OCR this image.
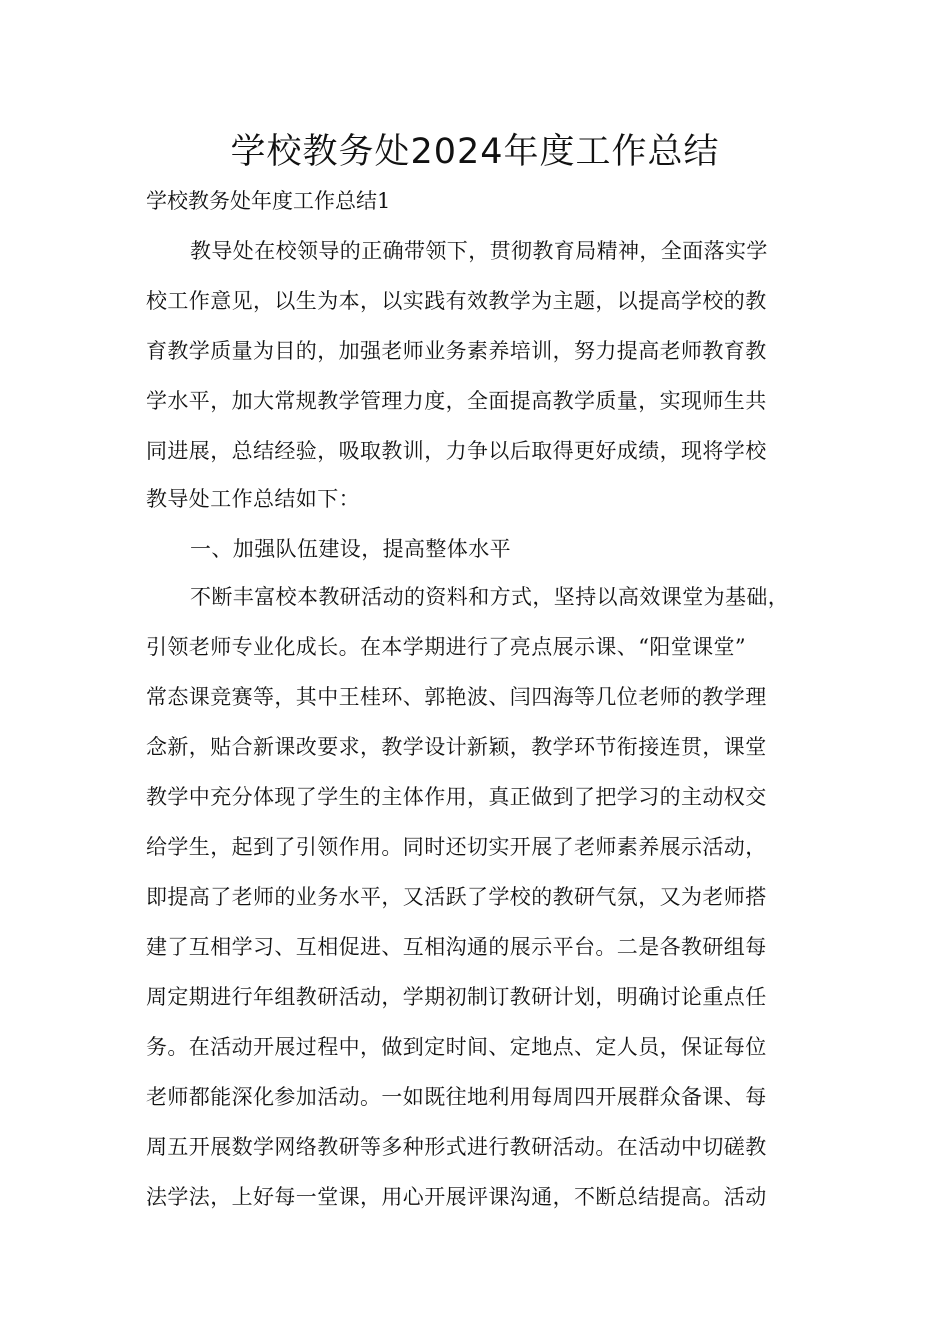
学校教务处2024年度工作总结

学校教务处年度工作总结1

教导处在校领导的正确带领下，贯彻教育局精神，全面落实学

校工作意见，以生为本，以实践有效教学为主题，以提高学校的教

育教学质量为目的，加强老师业务素养培训，努力提高老师教育教

学水平，加大常规教学管理力度，全面提高教学质量，实现师生共

同进展，总结经验，吸取教训，力争以后取得更好成绩，现将学校

教导处工作总结如下：

一、加强队伍建设，提高整体水平

不断丰富校本教研活动的资料和方式，坚持以高效课堂为基础，

引领老师专业化成长。在本学期进行了亮点展示课、“阳堂课堂”

常态课竞赛等，其中王桂环、郭艳波、闫四海等几位老师的教学理

念新，贴合新课改要求，教学设计新颖，教学环节衔接连贯，课堂

教学中充分体现了学生的主体作用，真正做到了把学习的主动权交

给学生，起到了引领作用。同时还切实开展了老师素养展示活动，

即提高了老师的业务水平，又活跃了学校的教研气氛，又为老师搭

建了互相学习、互相促进、互相沟通的展示平台。二是各教研组每

周定期进行年组教研活动，学期初制订教研计划，明确讨论重点任

务。在活动开展过程中，做到定时间、定地点、定人员，保证每位

老师都能深化参加活动。一如既往地利用每周四开展群众备课、每

周五开展数学网络教研等多种形式进行教研活动。在活动中切磋教

法学法，上好每一堂课，用心开展评课沟通，不断总结提高。活动
